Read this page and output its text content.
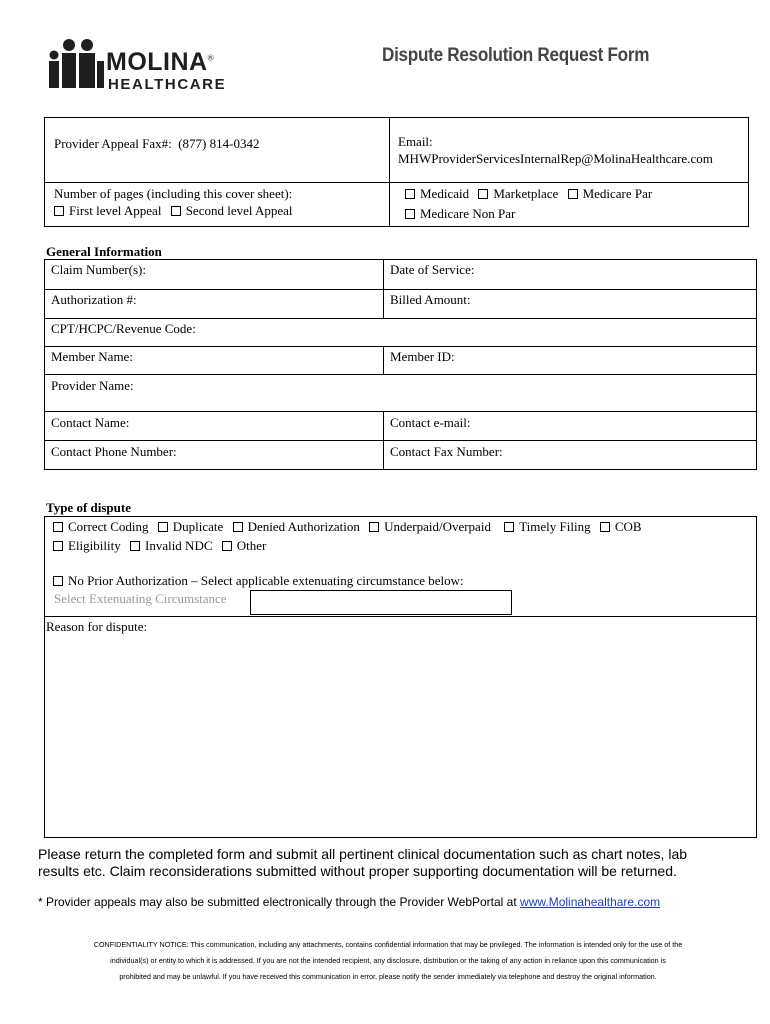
MOLINA®
HEALTHCARE
Dispute Resolution Request Form
Provider Appeal Fax#: (877) 814-0342	Email:
MHWProviderServicesInternalRep@MolinaHealthcare.com
Number of pages (including this cover sheet):
First level Appeal Second level Appeal
Medicaid Marketplace Medicare Par
Medicare Non Par
General Information
Claim Number(s):	Date of Service:
Authorization #:	Billed Amount:
CPT/HCPC/Revenue Code:
Member Name:	Member ID:
Provider Name:
Contact Name:	Contact e-mail:
Contact Phone Number:	Contact Fax Number:
Type of dispute
Correct Coding Duplicate Denied Authorization Underpaid/Overpaid Timely Filing COB
Eligibility Invalid NDC Other
No Prior Authorization – Select applicable extenuating circumstance below:
Select Extenuating Circumstance
Reason for dispute:
Please return the completed form and submit all pertinent clinical documentation such as chart notes, lab results etc. Claim reconsiderations submitted without proper supporting documentation will be returned.
* Provider appeals may also be submitted electronically through the Provider WebPortal at www.Molinahealthare.com
CONFIDENTIALITY NOTICE: This communication, including any attachments, contains confidential information that may be privileged. The information is intended only for the use of the
individual(s) or entity to which it is addressed. If you are not the intended recipient, any disclosure, distribution or the taking of any action in reliance upon this communication is
prohibited and may be unlawful. If you have received this communication in error, please notify the sender immediately via telephone and destroy the original information.
